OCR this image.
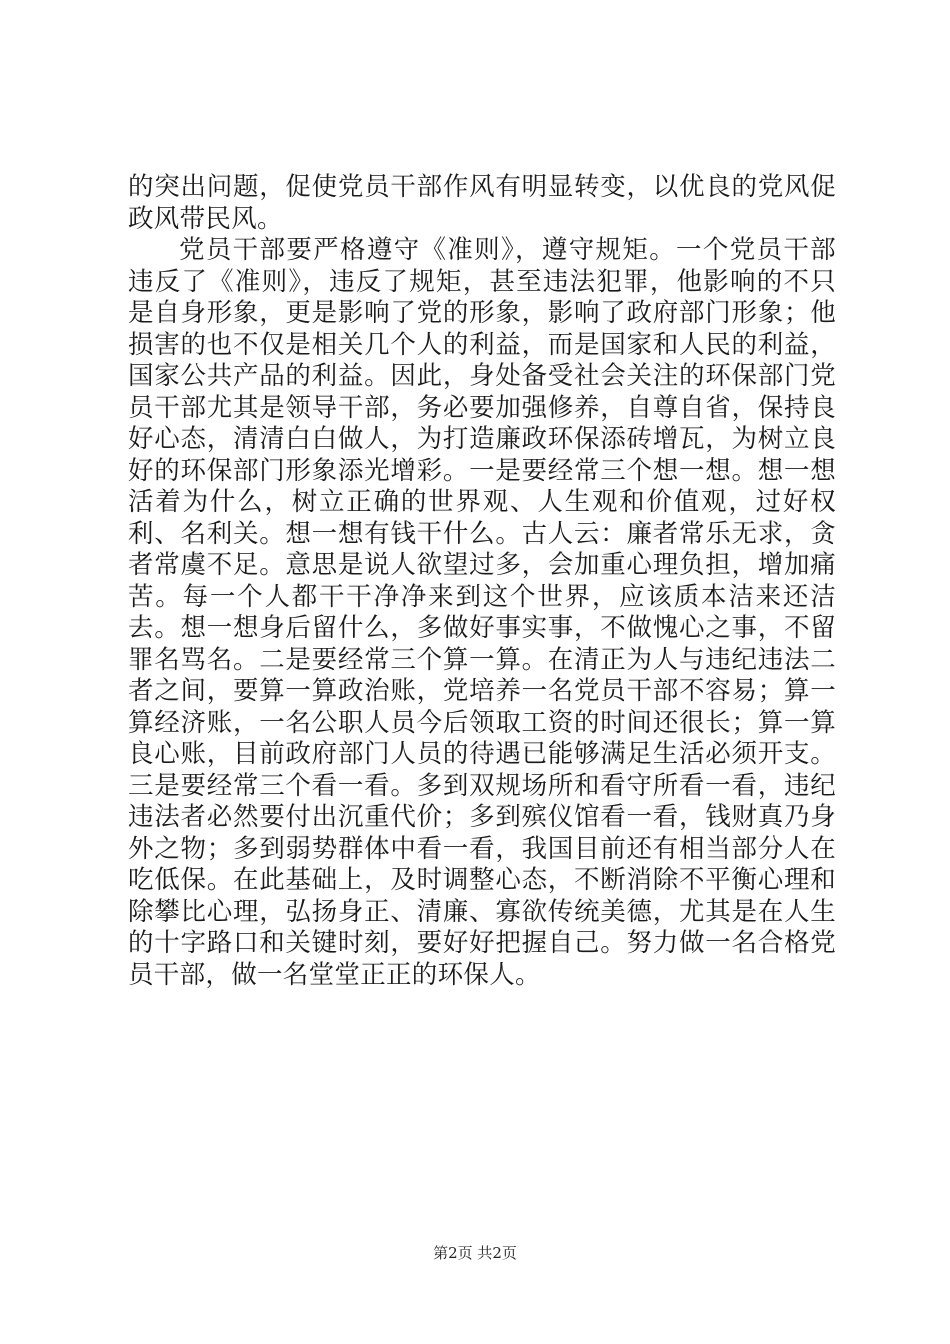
的突出问题，促使党员干部作风有明显转变，以优良的党风促政风带民风。

党员干部要严格遵守《准则》，遵守规矩。一个党员干部违反了《准则》，违反了规矩，甚至违法犯罪，他影响的不只是自身形象，更是影响了党的形象，影响了政府部门形象；他损害的也不仅是相关几个人的利益，而是国家和人民的利益，国家公共产品的利益。因此，身处备受社会关注的环保部门党员干部尤其是领导干部，务必要加强修养，自尊自省，保持良好心态，清清白白做人，为打造廉政环保添砖增瓦，为树立良好的环保部门形象添光增彩。一是要经常三个想一想。想一想活着为什么，树立正确的世界观、人生观和价值观，过好权利、名利关。想一想有钱干什么。古人云：廉者常乐无求，贪者常虞不足。意思是说人欲望过多，会加重心理负担，增加痛苦。每一个人都干干净净来到这个世界，应该质本洁来还洁去。想一想身后留什么，多做好事实事，不做愧心之事，不留罪名骂名。二是要经常三个算一算。在清正为人与违纪违法二者之间，要算一算政治账，党培养一名党员干部不容易；算一算经济账，一名公职人员今后领取工资的时间还很长；算一算良心账，目前政府部门人员的待遇已能够满足生活必须开支。三是要经常三个看一看。多到双规场所和看守所看一看，违纪违法者必然要付出沉重代价；多到殡仪馆看一看，钱财真乃身外之物；多到弱势群体中看一看，我国目前还有相当部分人在吃低保。在此基础上，及时调整心态，不断消除不平衡心理和除攀比心理，弘扬身正、清廉、寡欲传统美德，尤其是在人生的十字路口和关键时刻，要好好把握自己。努力做一名合格党员干部，做一名堂堂正正的环保人。

第2页 共2页
